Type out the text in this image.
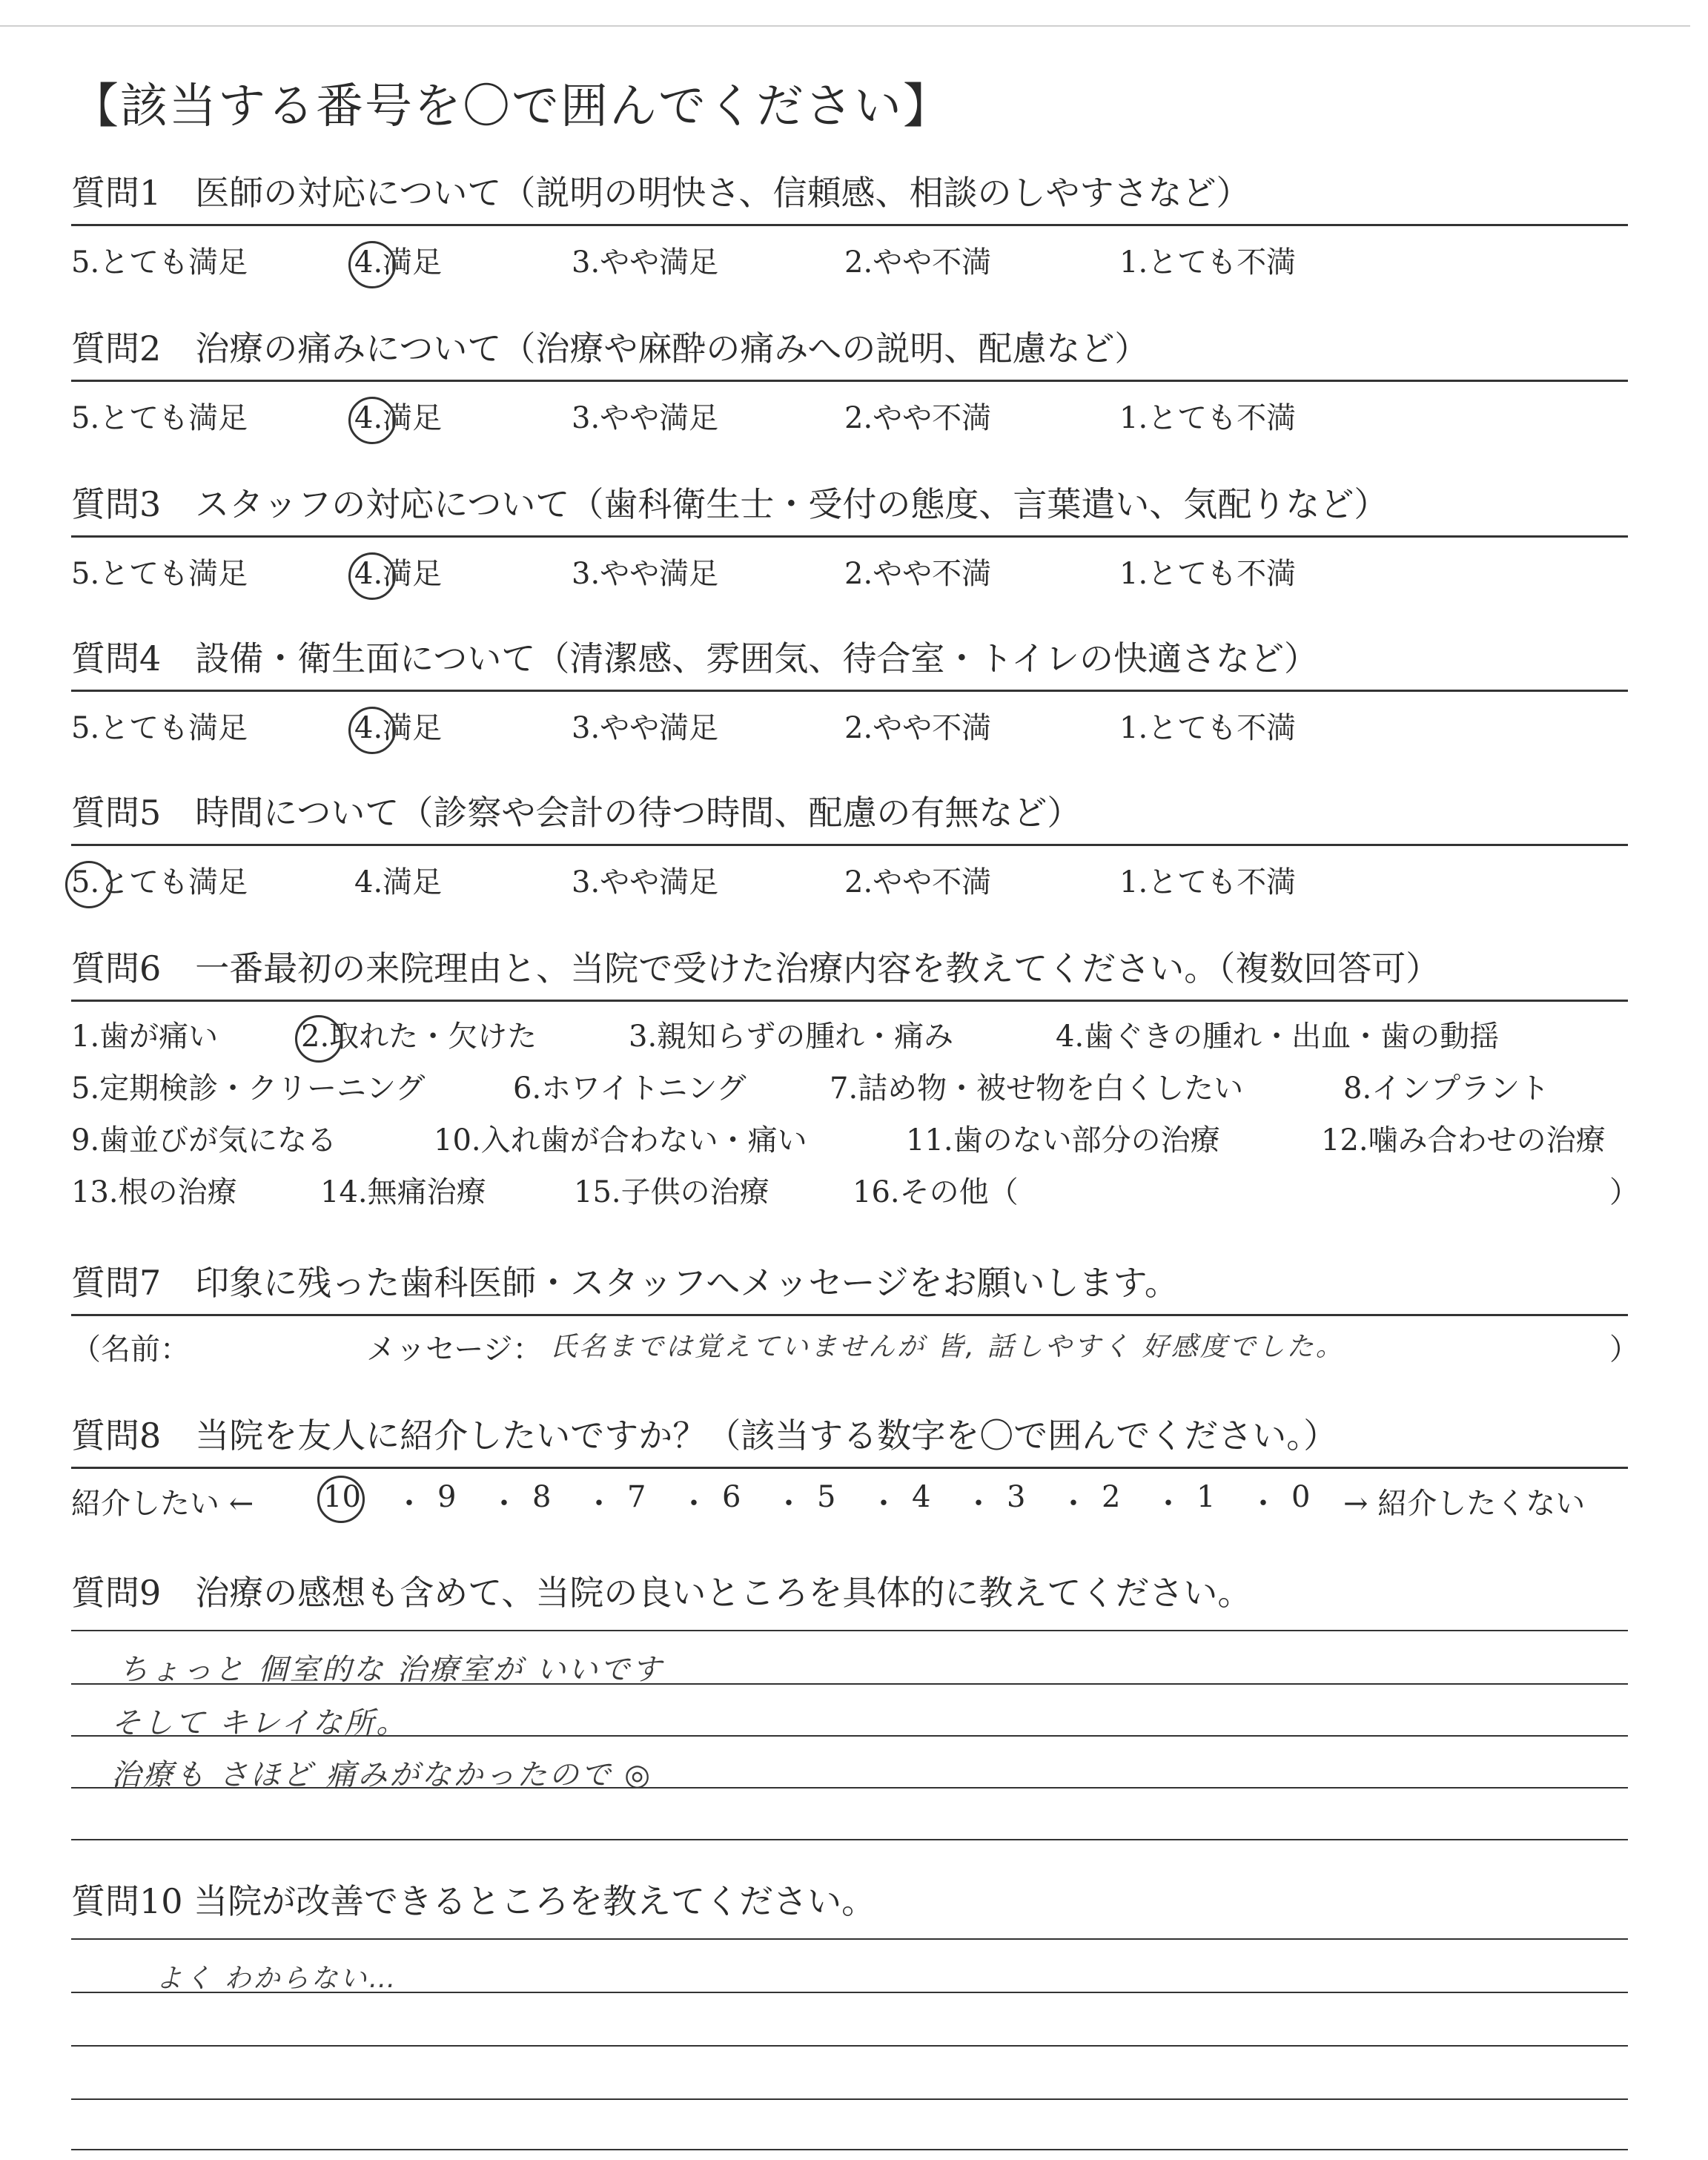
【該当する番号を〇で囲んでください】
質問1　医師の対応について（説明の明快さ、信頼感、相談のしやすさなど）
5.とても満足	4.満足	3.やや満足	2.やや不満	1.とても不満
質問2　治療の痛みについて（治療や麻酔の痛みへの説明、配慮など）
5.とても満足	4.満足	3.やや満足	2.やや不満	1.とても不満
質問3　スタッフの対応について（歯科衛生士・受付の態度、言葉遣い、気配りなど）
5.とても満足	4.満足	3.やや満足	2.やや不満	1.とても不満
質問4　設備・衛生面について（清潔感、雰囲気、待合室・トイレの快適さなど）
5.とても満足	4.満足	3.やや満足	2.やや不満	1.とても不満
質問5　時間について（診察や会計の待つ時間、配慮の有無など）
5.とても満足	4.満足	3.やや満足	2.やや不満	1.とても不満
質問6　一番最初の来院理由と、当院で受けた治療内容を教えてください。（複数回答可）
1.歯が痛い	2.取れた・欠けた	3.親知らずの腫れ・痛み	4.歯ぐきの腫れ・出血・歯の動揺
5.定期検診・クリーニング	6.ホワイトニング	7.詰め物・被せ物を白くしたい	8.インプラント
9.歯並びが気になる	10.入れ歯が合わない・痛い	11.歯のない部分の治療	12.噛み合わせの治療
13.根の治療	14.無痛治療	15.子供の治療	16.その他（	）
質問7　印象に残った歯科医師・スタッフへメッセージをお願いします。
（名前：	メッセージ：	）
氏名までは覚えていませんが 皆, 話しやすく 好感度でした。
質問8　当院を友人に紹介したいですか？（該当する数字を〇で囲んでください。）
紹介したい ← 10 ・ 9 ・ 8 ・ 7 ・ 6 ・ 5 ・ 4 ・ 3 ・ 2 ・ 1 ・ 0 → 紹介したくない
質問9　治療の感想も含めて、当院の良いところを具体的に教えてください。
ちょっと 個室的な 治療室が いいです
そして キレイな所。
治療も さほど 痛みがなかったので ◎
質問10 当院が改善できるところを教えてください。
よく わからない…
